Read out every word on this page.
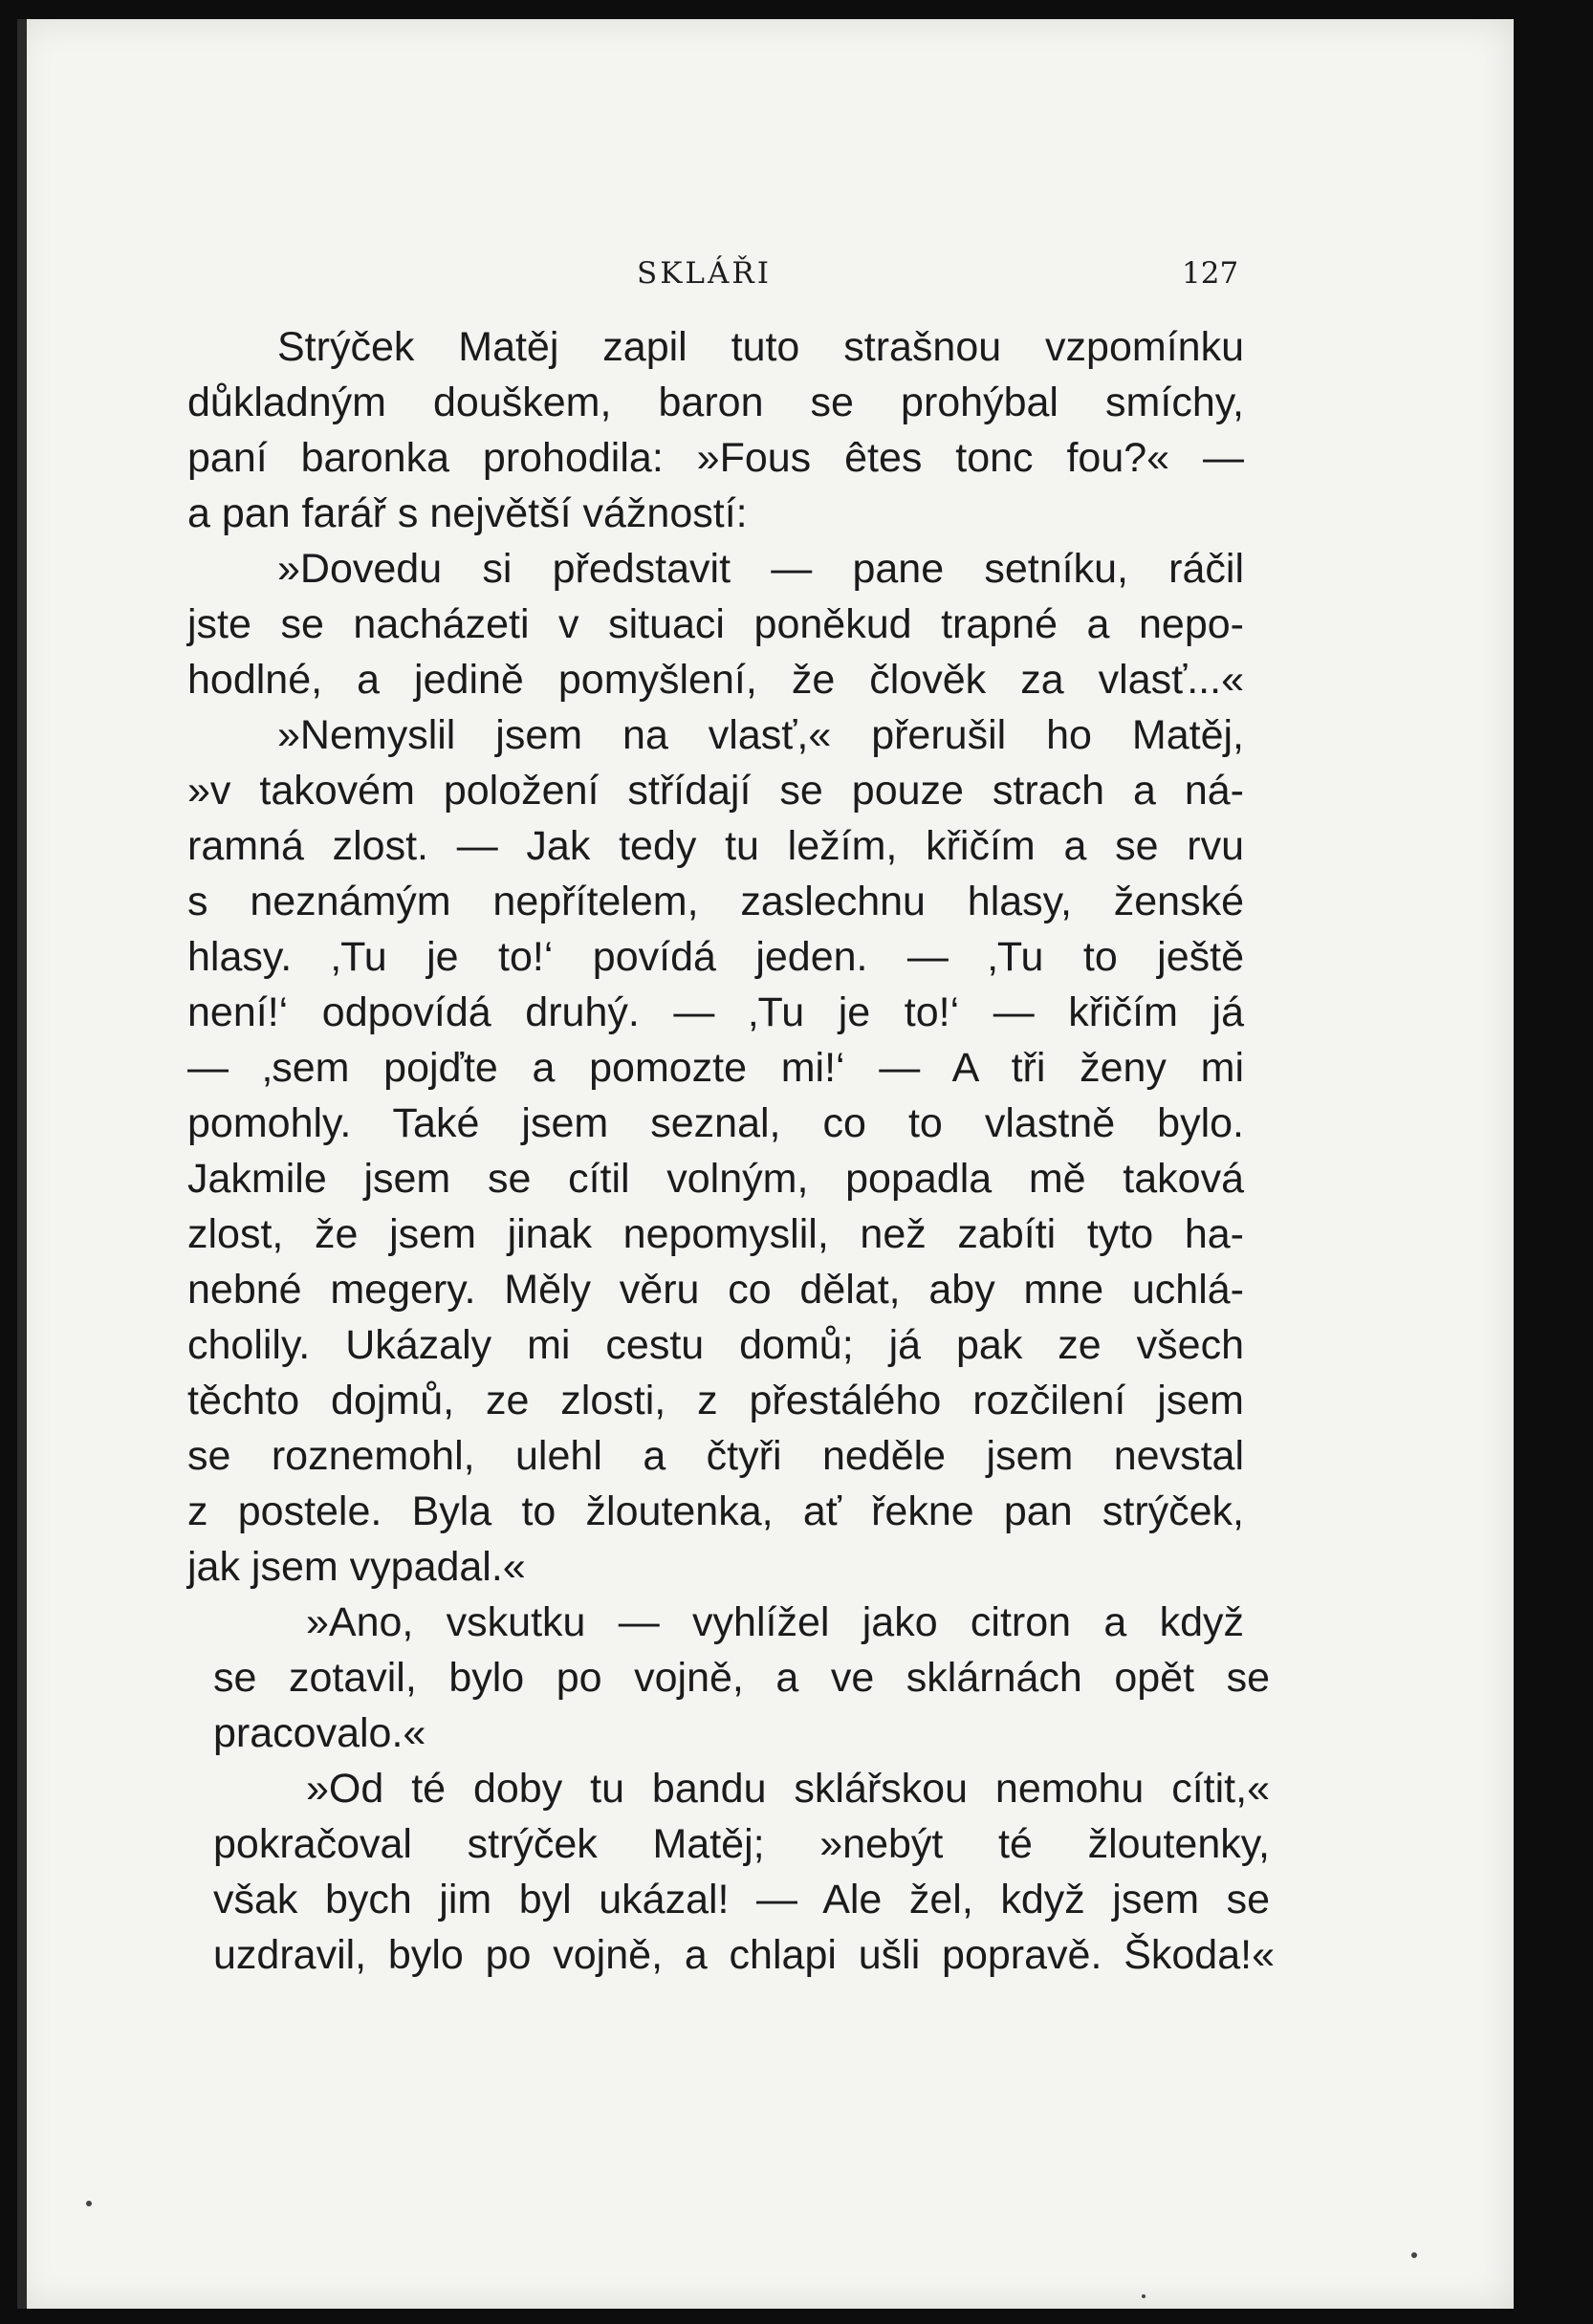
SKLÁŘI	127
Strýček Matěj zapil tuto strašnou vzpomínku
důkladným douškem, baron se prohýbal smíchy,
paní baronka prohodila: »Fous êtes tonc fou?« —
a pan farář s největší vážností:
»Dovedu si představit — pane setníku, ráčil
jste se nacházeti v situaci poněkud trapné a nepo-
hodlné, a jedině pomyšlení, že člověk za vlasť...«
»Nemyslil jsem na vlasť,« přerušil ho Matěj,
»v takovém položení střídají se pouze strach a ná-
ramná zlost. — Jak tedy tu ležím, křičím a se rvu
s neznámým nepřítelem, zaslechnu hlasy, ženské
hlasy. ‚Tu je to!‘ povídá jeden. — ‚Tu to ještě
není!‘ odpovídá druhý. — ‚Tu je to!‘ — křičím já
— ‚sem pojďte a pomozte mi!‘ — A tři ženy mi
pomohly. Také jsem seznal, co to vlastně bylo.
Jakmile jsem se cítil volným, popadla mě taková
zlost, že jsem jinak nepomyslil, než zabíti tyto ha-
nebné megery. Měly věru co dělat, aby mne uchlá-
cholily. Ukázaly mi cestu domů; já pak ze všech
těchto dojmů, ze zlosti, z přestálého rozčilení jsem
se roznemohl, ulehl a čtyři neděle jsem nevstal
z postele. Byla to žloutenka, ať řekne pan strýček,
jak jsem vypadal.«
»Ano, vskutku — vyhlížel jako citron a když
se zotavil, bylo po vojně, a ve sklárnách opět se
pracovalo.«
»Od té doby tu bandu sklářskou nemohu cítit,«
pokračoval strýček Matěj; »nebýt té žloutenky,
však bych jim byl ukázal! — Ale žel, když jsem se
uzdravil, bylo po vojně, a chlapi ušli popravě. Škoda!«
